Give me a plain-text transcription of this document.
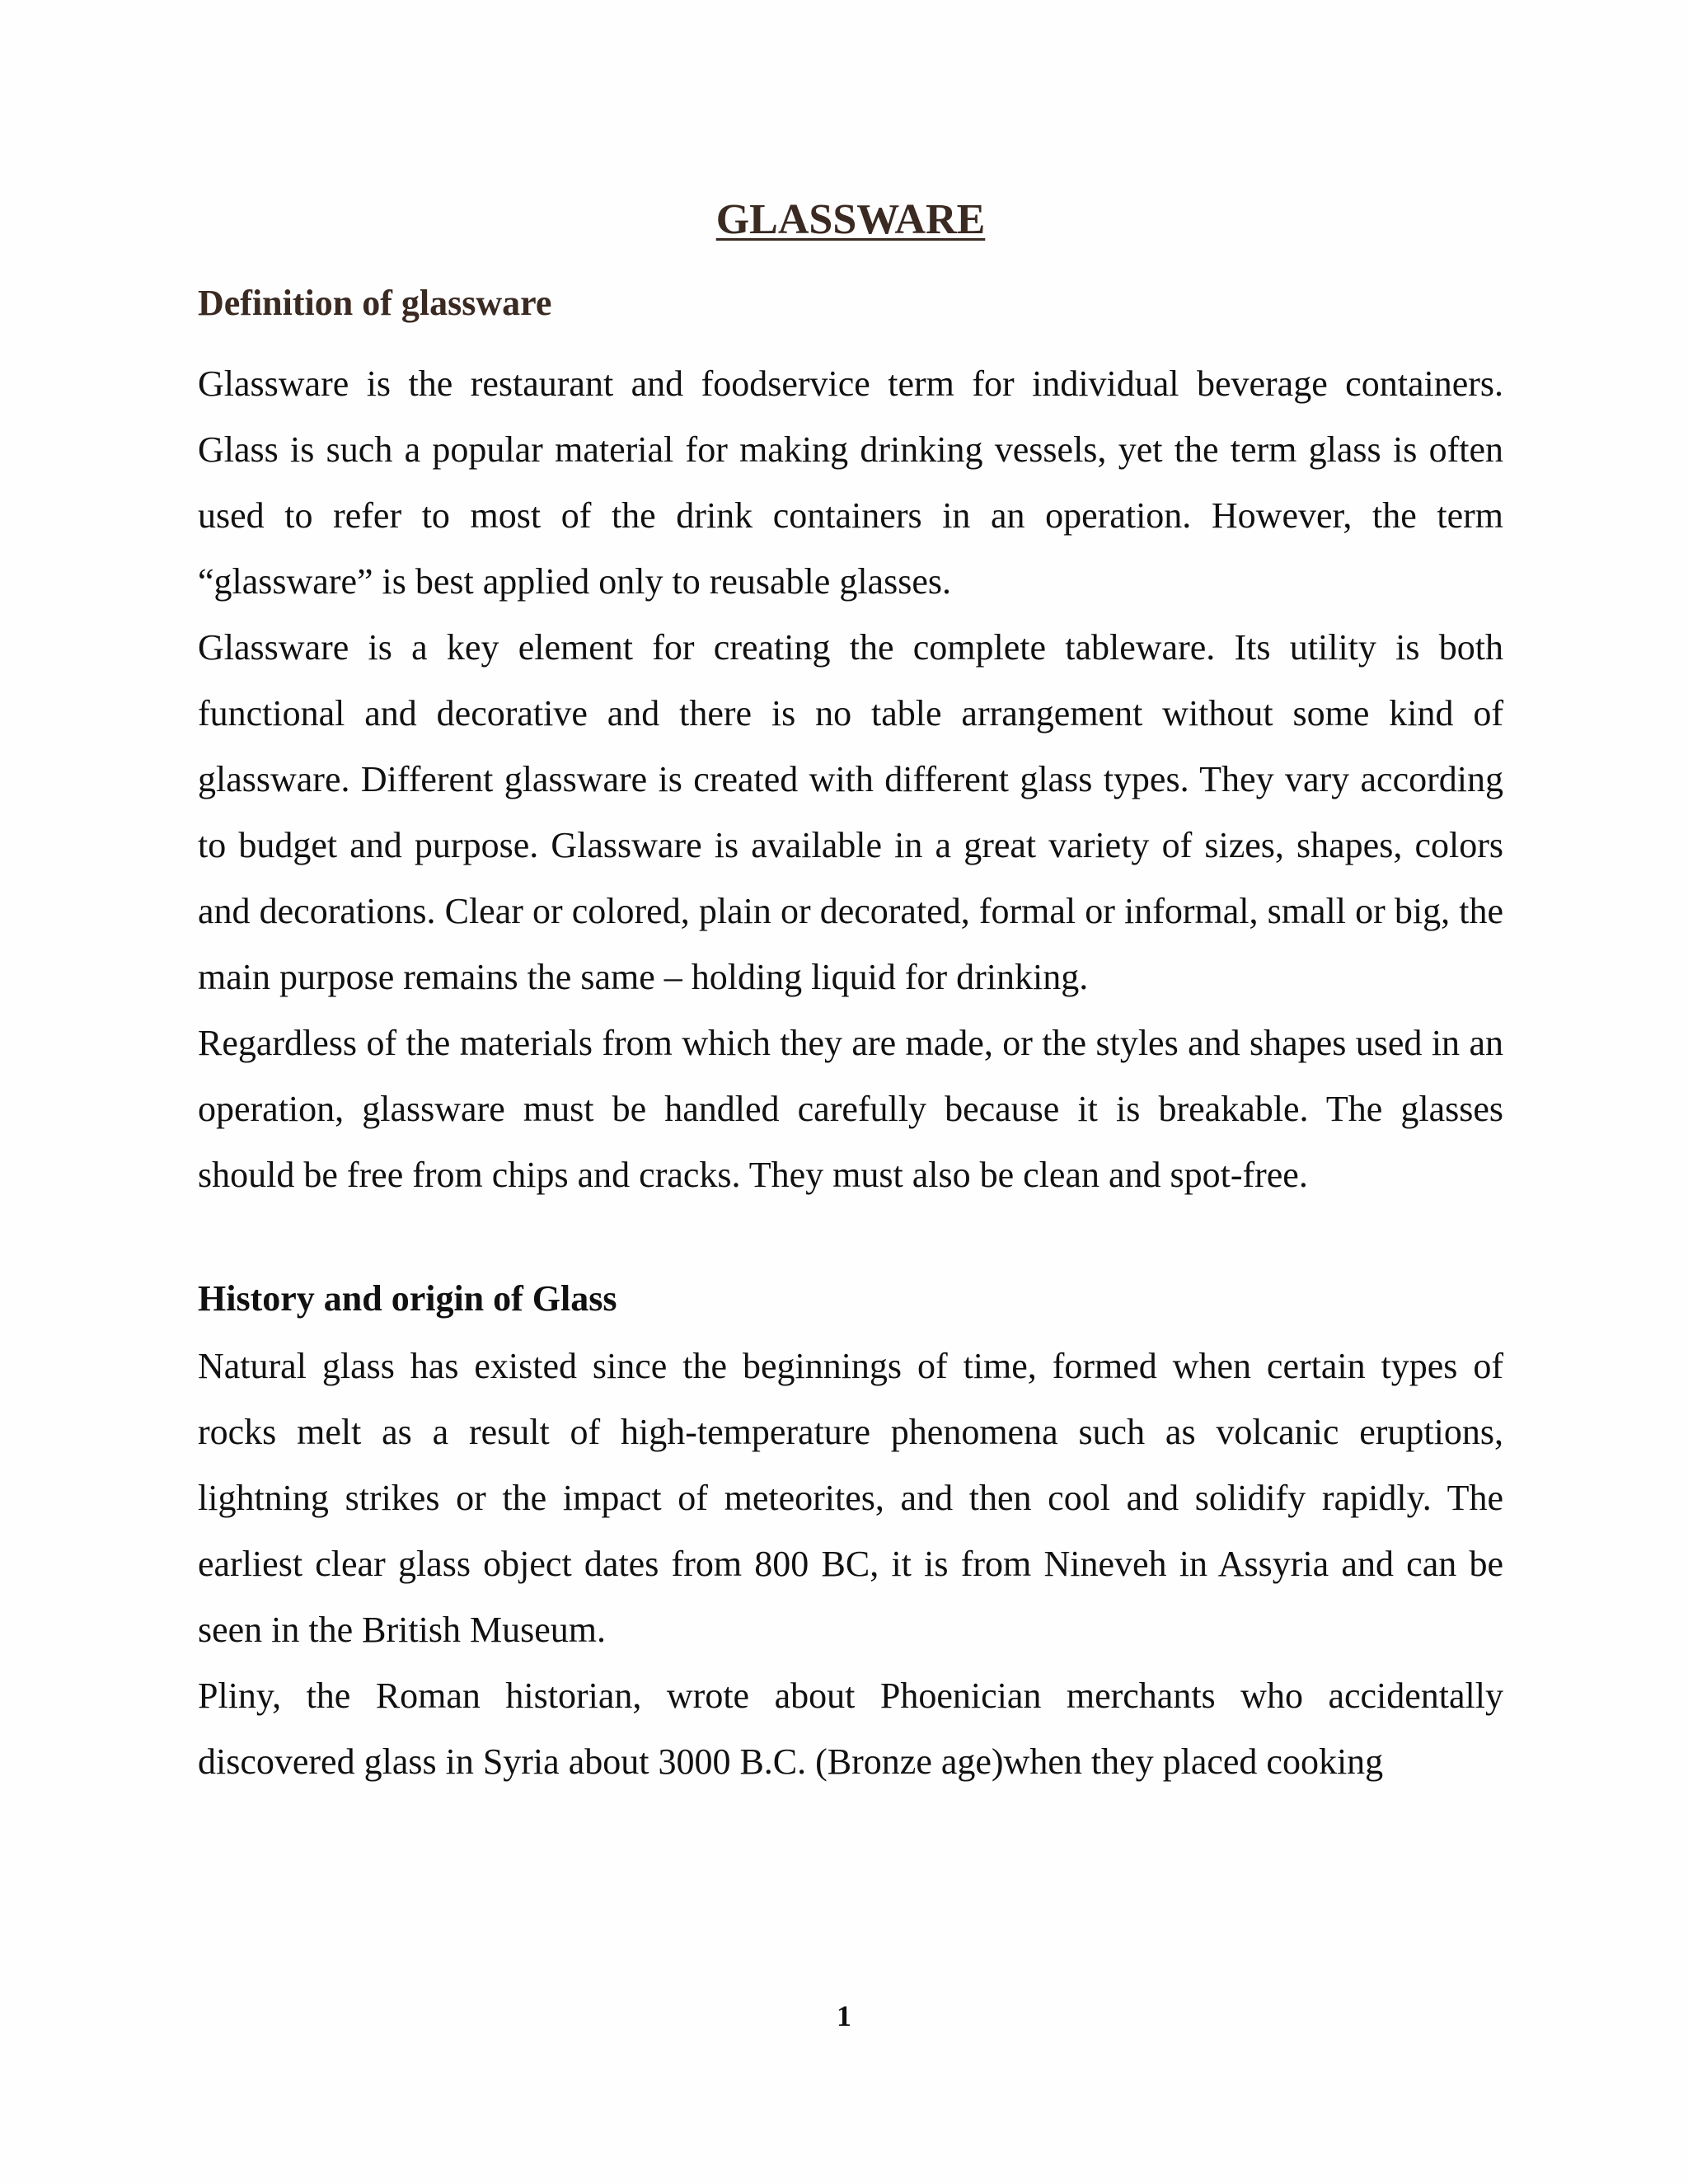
GLASSWARE
Definition of glassware

Glassware is the restaurant and foodservice term for individual beverage containers. Glass is such a popular material for making drinking vessels, yet the term glass is often used to refer to most of the drink containers in an operation. However, the term “glassware” is best applied only to reusable glasses.

Glassware is a key element for creating the complete tableware. Its utility is both functional and decorative and there is no table arrangement without some kind of glassware. Different glassware is created with different glass types. They vary according to budget and purpose. Glassware is available in a great variety of sizes, shapes, colors and decorations. Clear or colored, plain or decorated, formal or informal, small or big, the main purpose remains the same – holding liquid for drinking.

Regardless of the materials from which they are made, or the styles and shapes used in an operation, glassware must be handled carefully because it is breakable. The glasses should be free from chips and cracks. They must also be clean and spot-free.

History and origin of Glass

Natural glass has existed since the beginnings of time, formed when certain types of rocks melt as a result of high-temperature phenomena such as volcanic eruptions, lightning strikes or the impact of meteorites, and then cool and solidify rapidly. The earliest clear glass object dates from 800 BC, it is from Nineveh in Assyria and can be seen in the British Museum.

Pliny, the Roman historian, wrote about Phoenician merchants who accidentally discovered glass in Syria about 3000 B.C. (Bronze age)when they placed cooking

1
